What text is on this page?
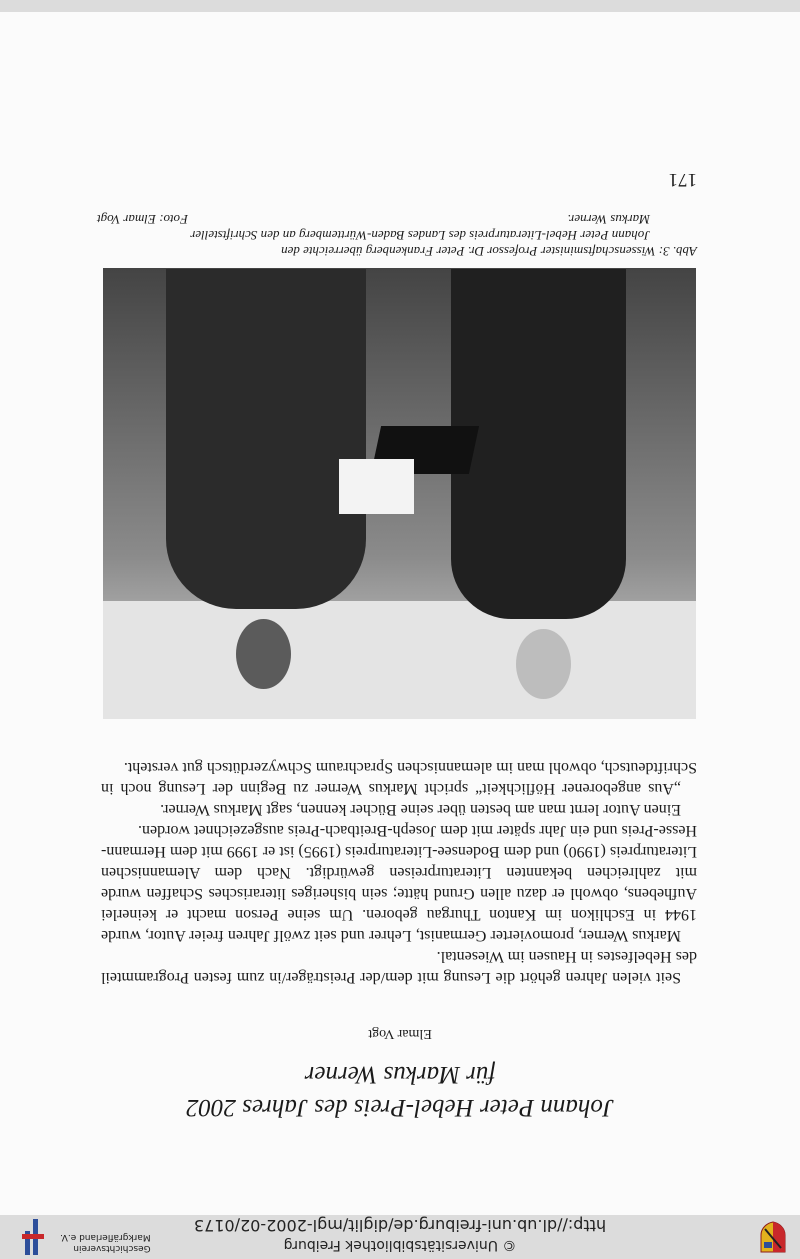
Geschichtsverein
Markgräflerland e.V.	© Universitätsbibliothek Freiburg
http://dl.ub.uni-freiburg.de/diglit/mgl-2002-02/0173
171
Abb. 3: Wissenschaftsminister Professor Dr. Peter Frankenberg überreichte den
Johann Peter Hebel-Literaturpreis des Landes Baden-Württemberg an den Schriftsteller
Markus Werner.
Foto: Elmar Vogt

Seit vielen Jahren gehört die Lesung mit dem/der Preisträger/in zum festen Programmteil des Hebelfestes in Hausen im Wiesental.

Markus Werner, promovierter Germanist, Lehrer und seit zwölf Jahren freier Autor, wurde 1944 in Eschlikon im Kanton Thurgau geboren. Um seine Person macht er keinerlei Aufhebens, obwohl er dazu allen Grund hätte; sein bisheriges literarisches Schaffen wurde mit zahlreichen bekannten Literaturpreisen gewürdigt. Nach dem Alemannischen Literaturpreis (1990) und dem Bodensee-Literaturpreis (1995) ist er 1999 mit dem Hermann-Hesse-Preis und ein Jahr später mit dem Joseph-Breitbach-Preis ausgezeichnet worden.

Einen Autor lernt man am besten über seine Bücher kennen, sagt Markus Werner.

„Aus angeborener Höflichkeit“ spricht Markus Werner zu Beginn der Lesung noch in Schriftdeutsch, obwohl man im alemannischen Sprachraum Schwyzerdütsch gut versteht.

Elmar Vogt
Johann Peter Hebel-Preis des Jahres 2002
für Markus Werner
